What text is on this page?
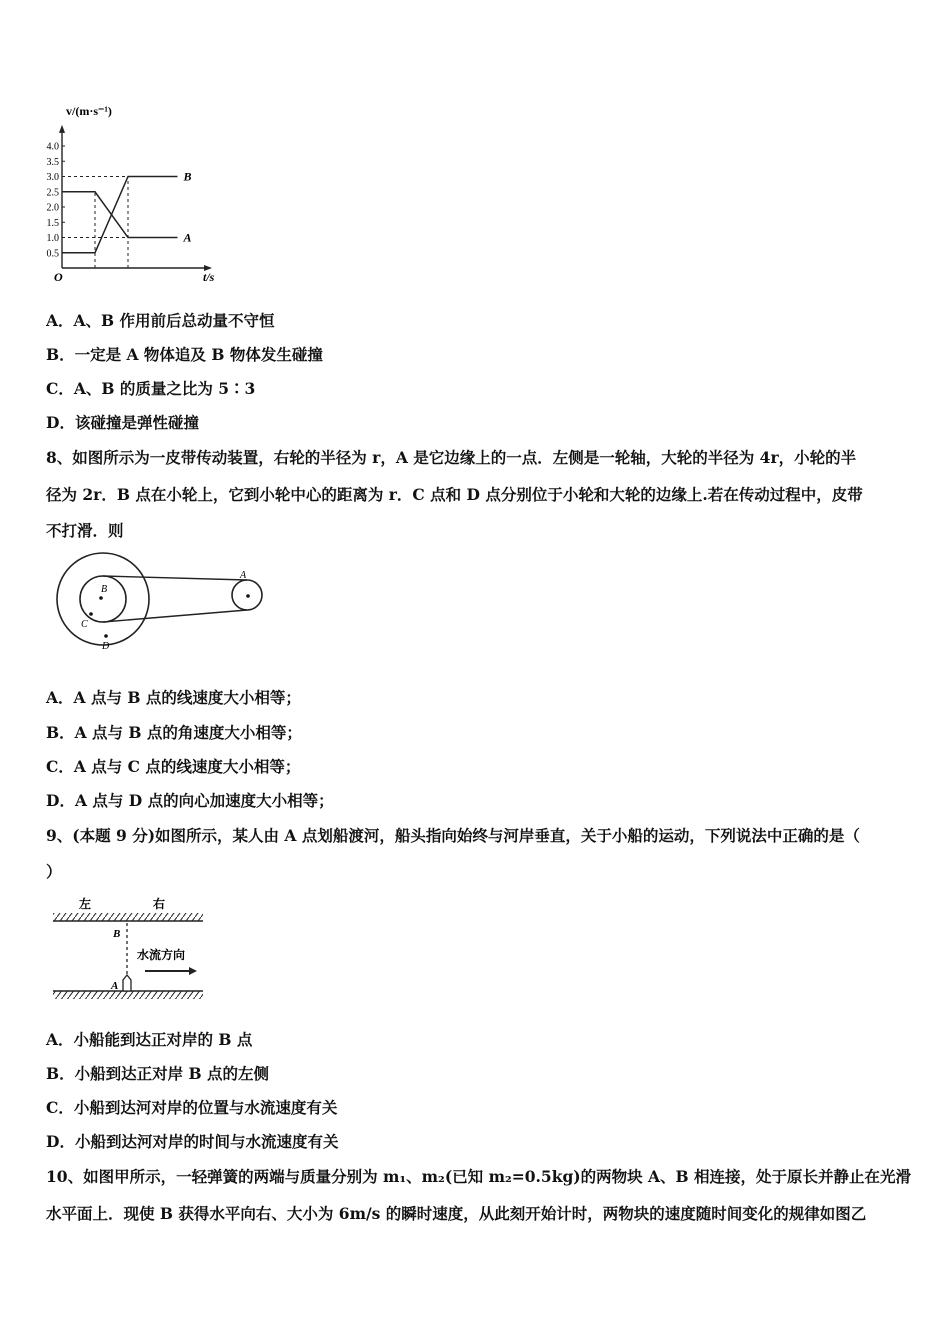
v/(m·s⁻¹)
t/s
O
0.5
1.0
1.5
2.0
2.5
3.0
3.5
4.0
A
B
A．A、B 作用前后总动量不守恒
B．一定是 A 物体追及 B 物体发生碰撞
C．A、B 的质量之比为 5∶3
D．该碰撞是弹性碰撞
8、如图所示为一皮带传动装置，右轮的半径为 r，A 是它边缘上的一点．左侧是一轮轴，大轮的半径为 4r，小轮的半
径为 2r．B 点在小轮上，它到小轮中心的距离为 r．C 点和 D 点分别位于小轮和大轮的边缘上.若在传动过程中，皮带
不打滑．则
A
B
C
D
A．A 点与 B 点的线速度大小相等；
B．A 点与 B 点的角速度大小相等；
C．A 点与 C 点的线速度大小相等；
D．A 点与 D 点的向心加速度大小相等；
9、(本题 9 分)如图所示，某人由 A 点划船渡河，船头指向始终与河岸垂直，关于小船的运动，下列说法中正确的是（
）
左	右
B
A
水流方向
A．小船能到达正对岸的 B 点
B．小船到达正对岸 B 点的左侧
C．小船到达河对岸的位置与水流速度有关
D．小船到达河对岸的时间与水流速度有关
10、如图甲所示，一轻弹簧的两端与质量分别为 m₁、m₂(已知 m₂=0.5kg)的两物块 A、B 相连接，处于原长并静止在光滑
水平面上．现使 B 获得水平向右、大小为 6m/s 的瞬时速度，从此刻开始计时，两物块的速度随时间变化的规律如图乙
